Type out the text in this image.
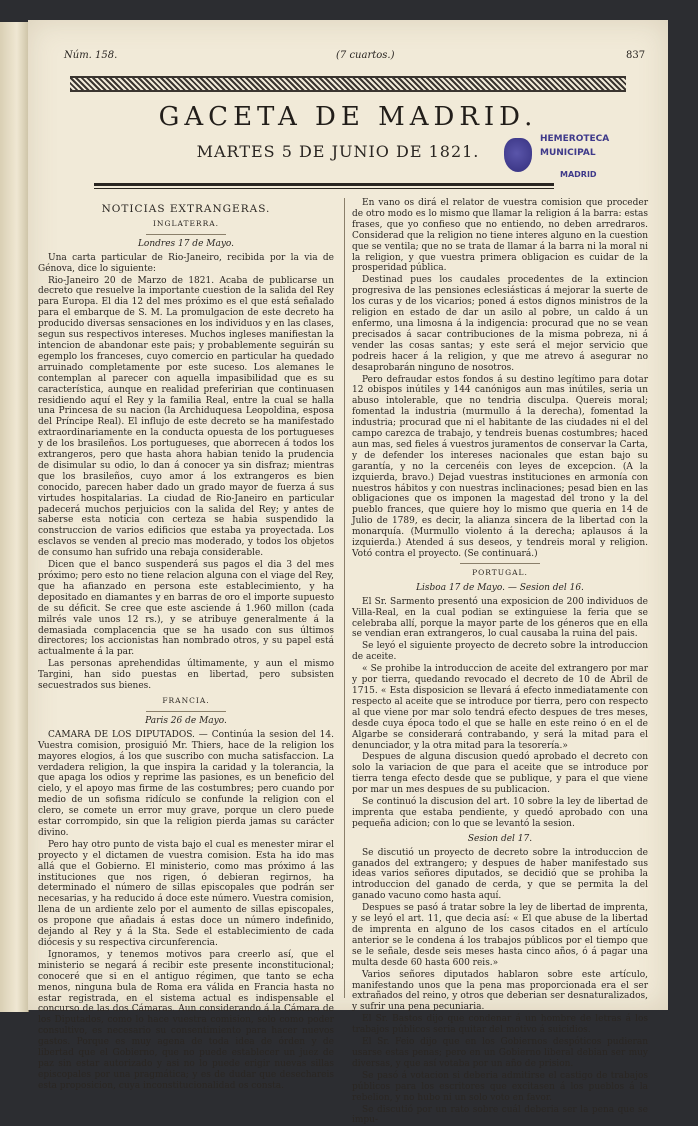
Núm. 158.	(7 cuartos.)	837
GACETA DE MADRID.
MARTES 5 DE JUNIO DE 1821.
HEMEROTECA
MUNICIPAL
MADRID
NOTICIAS EXTRANGERAS.
INGLATERRA.
Londres 17 de Mayo.

Una carta particular de Rio-Janeiro, recibida por la via de Génova, dice lo siguiente:

Rio-Janeiro 20 de Marzo de 1821. Acaba de publicarse un decreto que resuelve la importante cuestion de la salida del Rey para Europa. El dia 12 del mes próximo es el que está señalado para el embarque de S. M. La promulgacion de este decreto ha producido diversas sensaciones en los individuos y en las clases, segun sus respectivos intereses. Muchos ingleses manifiestan la intencion de abandonar este pais; y probablemente seguirán su egemplo los franceses, cuyo comercio en particular ha quedado arruinado completamente por este suceso. Los alemanes le contemplan al parecer con aquella impasibilidad que es su característica, aunque en realidad preferirian que continuasen residiendo aquí el Rey y la familia Real, entre la cual se halla una Princesa de su nacion (la Archiduquesa Leopoldina, esposa del Príncipe Real). El influjo de este decreto se ha manifestado extraordinariamente en la conducta opuesta de los portugueses y de los brasileños. Los portugueses, que aborrecen á todos los extrangeros, pero que hasta ahora habian tenido la prudencia de disimular su odio, lo dan á conocer ya sin disfraz; mientras que los brasileños, cuyo amor á los extrangeros es bien conocido, parecen haber dado un grado mayor de fuerza á sus virtudes hospitalarias. La ciudad de Rio-Janeiro en particular padecerá muchos perjuicios con la salida del Rey; y antes de saberse esta noticia con certeza se habia suspendido la construccion de varios edificios que estaba ya proyectada. Los esclavos se venden al precio mas moderado, y todos los objetos de consumo han sufrido una rebaja considerable.

Dicen que el banco suspenderá sus pagos el dia 3 del mes próximo; pero esto no tiene relacion alguna con el viage del Rey, que ha afianzado en persona este establecimiento, y ha depositado en diamantes y en barras de oro el importe supuesto de su déficit. Se cree que este asciende á 1.960 millon (cada milrés vale unos 12 rs.), y se atribuye generalmente á la demasiada complacencia que se ha usado con sus últimos directores; los accionistas han nombrado otros, y su papel está actualmente á la par.

Las personas aprehendidas últimamente, y aun el mismo Targini, han sido puestas en libertad, pero subsisten secuestrados sus bienes.

FRANCIA.
Paris 26 de Mayo.

CAMARA DE LOS DIPUTADOS. — Continúa la sesion del 14. Vuestra comision, prosiguió Mr. Thiers, hace de la religion los mayores elogios, á los que suscribo con mucha satisfaccion. La verdadera religion, la que inspira la caridad y la tolerancia, la que apaga los odios y reprime las pasiones, es un beneficio del cielo, y el apoyo mas firme de las costumbres; pero cuando por medio de un sofisma ridículo se confunde la religion con el clero, se comete un error muy grave, porque un clero puede estar corrompido, sin que la religion pierda jamas su carácter divino.

Pero hay otro punto de vista bajo el cual es menester mirar el proyecto y el dictamen de vuestra comision. Esta ha ido mas allá que el Gobierno. El ministerio, como mas próximo á las instituciones que nos rigen, ó debieran regirnos, ha determinado el número de sillas episcopales que podrán ser necesarias, y ha reducido á doce este número. Vuestra comision, llena de un ardiente zelo por el aumento de sillas episcopales, os propone que añadais á estas doce un número indefinido, dejando al Rey y á la Sta. Sede el establecimiento de cada diócesis y su respectiva circunferencia.

Ignoramos, y tenemos motivos para creerlo así, que el ministerio se negará á recibir este presente inconstitucional; conoceré que si en el antiguo régimen, que tanto se echa menos, ninguna bula de Roma era válida en Francia hasta no estar registrada, en el sistema actual es indispensable el concurso de las dos Cámaras. Aun considerando á la Cámara de los Diputados, como lo hace vuestra comision, solo como poder consultivo, es necesario su consentimiento para hacer nuevos gastos. Porque es muy agena de toda idea de órden y de libertad que el Gobierno, que no puede establecer un juez de paz sin estar autorizado y asi no lo puede erigir nuevas sillas episcopales por una pragmática; y es de dudar que desechareis esta proposicion, cuya inconstitucionalidad os consta.

En vano os dirá el relator de vuestra comision que proceder de otro modo es lo mismo que llamar la religion á la barra: estas frases, que yo confieso que no entiendo, no deben arredraros. Considerad que la religion no tiene interes alguno en la cuestion que se ventila; que no se trata de llamar á la barra ni la moral ni la religion, y que vuestra primera obligacion es cuidar de la prosperidad pública.

Destinad pues los caudales procedentes de la extincion progresiva de las pensiones eclesiásticas á mejorar la suerte de los curas y de los vicarios; poned á estos dignos ministros de la religion en estado de dar un asilo al pobre, un caldo á un enfermo, una limosna á la indigencia: procurad que no se vean precisados á sacar contribuciones de la misma pobreza, ni á vender las cosas santas; y este será el mejor servicio que podreis hacer á la religion, y que me atrevo á asegurar no desaprobarán ninguno de nosotros.

Pero defraudar estos fondos á su destino legítimo para dotar 12 obispos inútiles y 144 canónigos aun mas inútiles, seria un abuso intolerable, que no tendria disculpa. Quereis moral; fomentad la industria (murmullo á la derecha), fomentad la industria; procurad que ni el habitante de las ciudades ni el del campo carezca de trabajo, y tendreis buenas costumbres; haced aun mas, sed fieles á vuestros juramentos de conservar la Carta, y de defender los intereses nacionales que estan bajo su garantía, y no la cercenéis con leyes de excepcion. (A la izquierda, bravo.) Dejad vuestras instituciones en armonía con nuestros hábitos y con nuestras inclinaciones; pesad bien en las obligaciones que os imponen la magestad del trono y la del pueblo frances, que quiere hoy lo mismo que queria en 14 de Julio de 1789, es decir, la alianza sincera de la libertad con la monarquía. (Murmullo violento á la derecha; aplausos á la izquierda.) Atended á sus deseos, y tendreis moral y religion. Votó contra el proyecto. (Se continuará.)

PORTUGAL.
Lisboa 17 de Mayo. — Sesion del 16.

El Sr. Sarmento presentó una exposicion de 200 individuos de Villa-Real, en la cual podian se extinguiese la feria que se celebraba allí, porque la mayor parte de los géneros que en ella se vendian eran extrangeros, lo cual causaba la ruina del pais.

Se leyó el siguiente proyecto de decreto sobre la introduccion de aceite.

« Se prohibe la introduccion de aceite del extrangero por mar y por tierra, quedando revocado el decreto de 10 de Abril de 1715. « Esta disposicion se llevará á efecto inmediatamente con respecto al aceite que se introduce por tierra, pero con respecto al que viene por mar solo tendrá efecto despues de tres meses, desde cuya época todo el que se halle en este reino ó en el de Algarbe se considerará contrabando, y será la mitad para el denunciador, y la otra mitad para la tesorería.»

Despues de alguna discusion quedó aprobado el decreto con solo la variacion de que para el aceite que se introduce por tierra tenga efecto desde que se publique, y para el que viene por mar un mes despues de su publicacion.

Se continuó la discusion del art. 10 sobre la ley de libertad de imprenta que estaba pendiente, y quedó aprobado con una pequeña adicion; con lo que se levantó la sesion.

Sesion del 17.

Se discutió un proyecto de decreto sobre la introduccion de ganados del extrangero; y despues de haber manifestado sus ideas varios señores diputados, se decidió que se prohiba la introduccion del ganado de cerda, y que se permita la del ganado vacuno como hasta aquí.

Despues se pasó á tratar sobre la ley de libertad de imprenta, y se leyó el art. 11, que decia así: « El que abuse de la libertad de imprenta en alguno de los casos citados en el artículo anterior se le condena á los trabajos públicos por el tiempo que se le señale, desde seis meses hasta cinco años, ó á pagar una multa desde 60 hasta 600 reis.»

Varios señores diputados hablaron sobre este artículo, manifestando unos que la pena mas proporcionada era el ser extrañados del reino, y otros que deberian ser desnaturalizados, y sufrir una pena pecuniaria.

El Sr. Bastos dijo que condenar á un hombre de letras á los trabajos públicos seria quitar del motivo á suicidios.

El Sr. Feio dijo que en los Gobiernos despóticos pudieran usarse estas penas; pero en un Gobierno liberal debian ser muy diversas, y que así votaba por un año de prision.

Se pasó á votacion si deberia admitirse el castigo de trabajos públicos para los escritores que excitasen á los pueblos á la rebelion, y no hubo ni un solo voto en favor.

Se discutió por un rato sobre cuál deberia ser la pena que se impu-
